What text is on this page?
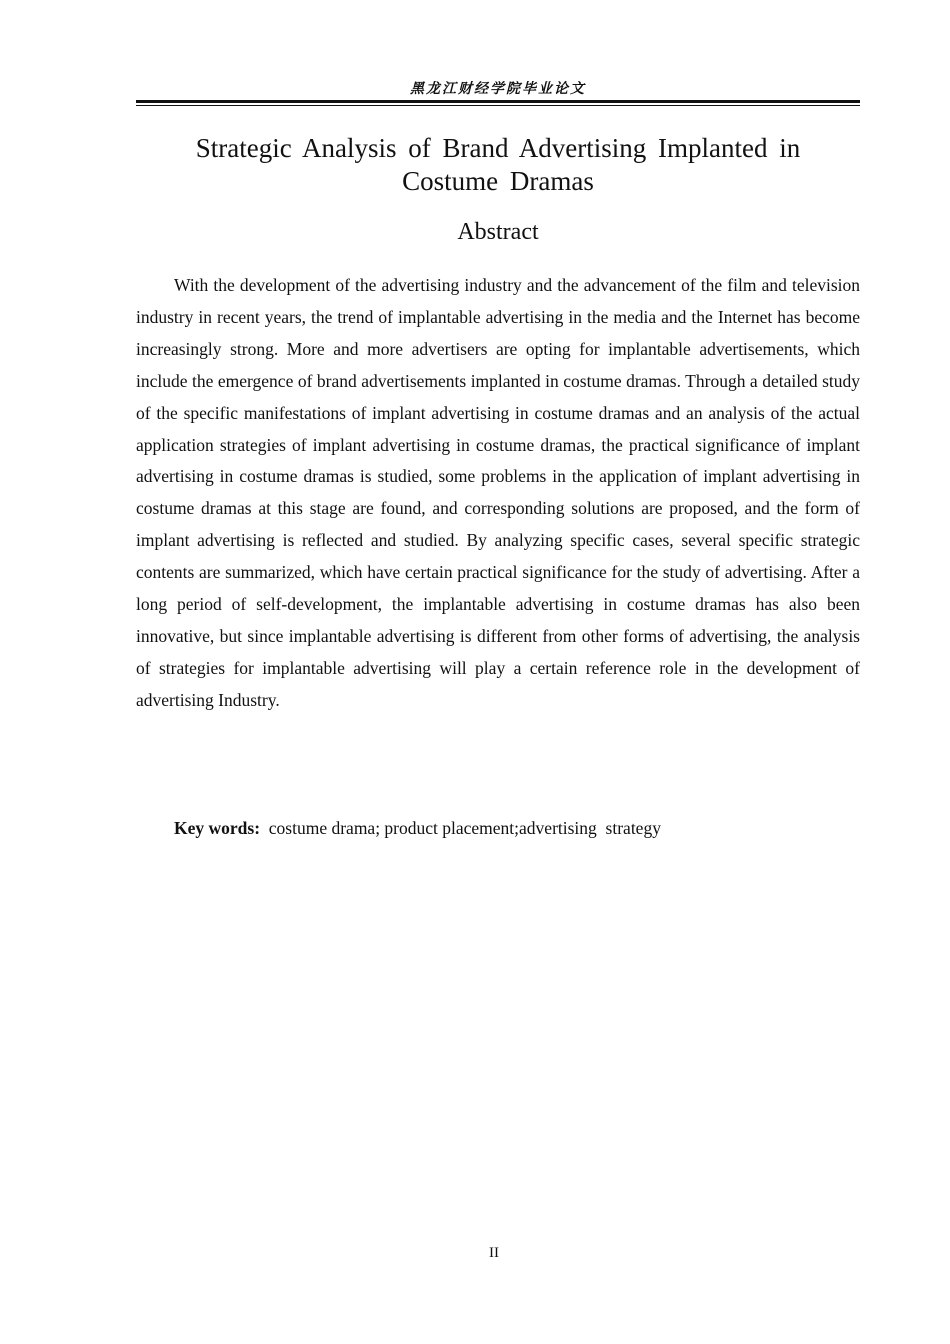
黑龙江财经学院毕业论文
Strategic Analysis of Brand Advertising Implanted in Costume Dramas
Abstract

With the development of the advertising industry and the advancement of the film and television industry in recent years, the trend of implantable advertising in the media and the Internet has become increasingly strong. More and more advertisers are opting for implantable advertisements, which include the emergence of brand advertisements implanted in costume dramas. Through a detailed study of the specific manifestations of implant advertising in costume dramas and an analysis of the actual application strategies of implant advertising in costume dramas, the practical significance of implant advertising in costume dramas is studied, some problems in the application of implant advertising in costume dramas at this stage are found, and corresponding solutions are proposed, and the form of implant advertising is reflected and studied. By analyzing specific cases, several specific strategic contents are summarized, which have certain practical significance for the study of advertising. After a long period of self-development, the implantable advertising in costume dramas has also been innovative, but since implantable advertising is different from other forms of advertising, the analysis of strategies for implantable advertising will play a certain reference role in the development of advertising Industry.

Key words: costume drama; product placement;advertising  strategy
II
